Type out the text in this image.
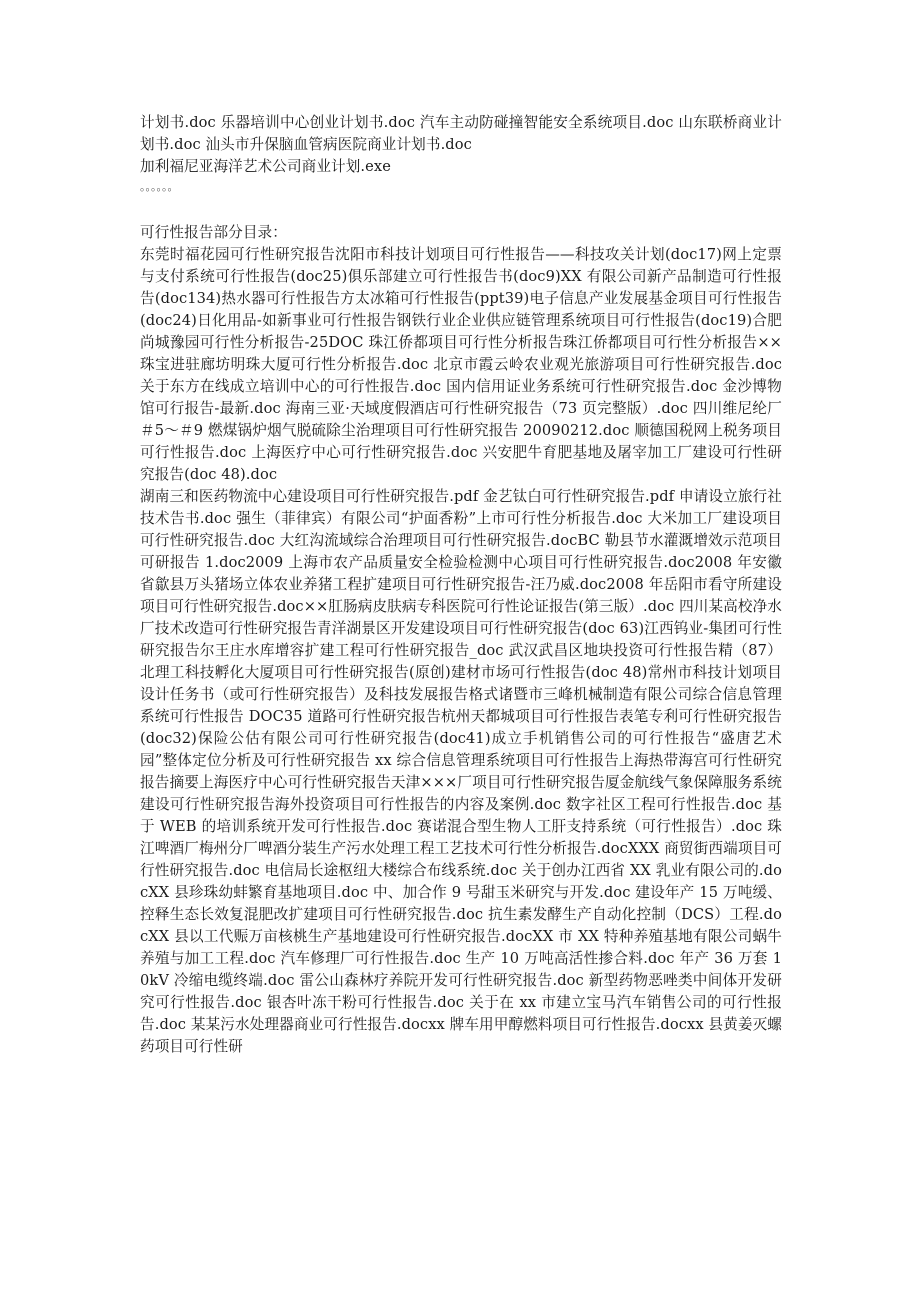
计划书.doc 乐器培训中心创业计划书.doc 汽车主动防碰撞智能安全系统项目.doc 山东联桥商业计划书.doc 汕头市升保脑血管病医院商业计划书.doc

加利福尼亚海洋艺术公司商业计划.exe

。。。。。。

可行性报告部分目录：

东莞时福花园可行性研究报告沈阳市科技计划项目可行性报告——科技攻关计划(doc17)网上定票与支付系统可行性报告(doc25)俱乐部建立可行性报告书(doc9)XX 有限公司新产品制造可行性报告(doc134)热水器可行性报告方太冰箱可行性报告(ppt39)电子信息产业发展基金项目可行性报告(doc24)日化用品-如新事业可行性报告钢铁行业企业供应链管理系统项目可行性报告(doc19)合肥尚城豫园可行性分析报告-25DOC 珠江侨都项目可行性分析报告珠江侨都项目可行性分析报告××珠宝进驻廊坊明珠大厦可行性分析报告.doc 北京市霞云岭农业观光旅游项目可行性研究报告.doc 关于东方在线成立培训中心的可行性报告.doc 国内信用证业务系统可行性研究报告.doc 金沙博物馆可行报告-最新.doc 海南三亚·天域度假酒店可行性研究报告（73 页完整版）.doc 四川维尼纶厂＃5～＃9 燃煤锅炉烟气脱硫除尘治理项目可行性研究报告 20090212.doc 顺德国税网上税务项目可行性报告.doc 上海医疗中心可行性研究报告.doc 兴安肥牛育肥基地及屠宰加工厂建设可行性研究报告(doc 48).doc

湖南三和医药物流中心建设项目可行性研究报告.pdf 金艺钛白可行性研究报告.pdf 申请设立旅行社技术告书.doc 强生（菲律宾）有限公司“护面香粉”上市可行性分析报告.doc 大米加工厂建设项目可行性研究报告.doc 大红沟流域综合治理项目可行性研究报告.docBC 勒县节水灌溉增效示范项目可研报告 1.doc2009 上海市农产品质量安全检验检测中心项目可行性研究报告.doc2008 年安徽省歙县万头猪场立体农业养猪工程扩建项目可行性研究报告-汪乃威.doc2008 年岳阳市看守所建设项目可行性研究报告.doc××肛肠病皮肤病专科医院可行性论证报告(第三版）.doc 四川某高校净水厂技术改造可行性研究报告青洋湖景区开发建设项目可行性研究报告(doc 63)江西钨业-集团可行性研究报告尔王庄水库增容扩建工程可行性研究报告_doc 武汉武昌区地块投资可行性报告精（87）北理工科技孵化大厦项目可行性研究报告(原创)建材市场可行性报告(doc 48)常州市科技计划项目设计任务书（或可行性研究报告）及科技发展报告格式诸暨市三峰机械制造有限公司综合信息管理系统可行性报告 DOC35 道路可行性研究报告杭州天都城项目可行性报告表笔专利可行性研究报告(doc32)保险公估有限公司可行性研究报告(doc41)成立手机销售公司的可行性报告“盛唐艺术园”整体定位分析及可行性研究报告 xx 综合信息管理系统项目可行性报告上海热带海宫可行性研究报告摘要上海医疗中心可行性研究报告天津×××厂项目可行性研究报告厦金航线气象保障服务系统建设可行性研究报告海外投资项目可行性报告的内容及案例.doc 数字社区工程可行性报告.doc 基于 WEB 的培训系统开发可行性报告.doc 赛诺混合型生物人工肝支持系统（可行性报告）.doc 珠江啤酒厂梅州分厂啤酒分装生产污水处理工程工艺技术可行性分析报告.docXXX 商贸街西端项目可行性研究报告.doc 电信局长途枢纽大楼综合布线系统.doc 关于创办江西省 XX 乳业有限公司的.docXX 县珍珠幼蚌繁育基地项目.doc 中、加合作 9 号甜玉米研究与开发.doc 建设年产 15 万吨缓、控释生态长效复混肥改扩建项目可行性研究报告.doc 抗生素发酵生产自动化控制（DCS）工程.docXX 县以工代赈万亩核桃生产基地建设可行性研究报告.docXX 市 XX 特种养殖基地有限公司蜗牛养殖与加工工程.doc 汽车修理厂可行性报告.doc 生产 10 万吨高活性掺合料.doc 年产 36 万套 10kV 冷缩电缆终端.doc 雷公山森林疗养院开发可行性研究报告.doc 新型药物恶唑类中间体开发研究可行性报告.doc 银杏叶冻干粉可行性报告.doc 关于在 xx 市建立宝马汽车销售公司的可行性报告.doc 某某污水处理器商业可行性报告.docxx 牌车用甲醇燃料项目可行性报告.docxx 县黄姜灭螺药项目可行性研
